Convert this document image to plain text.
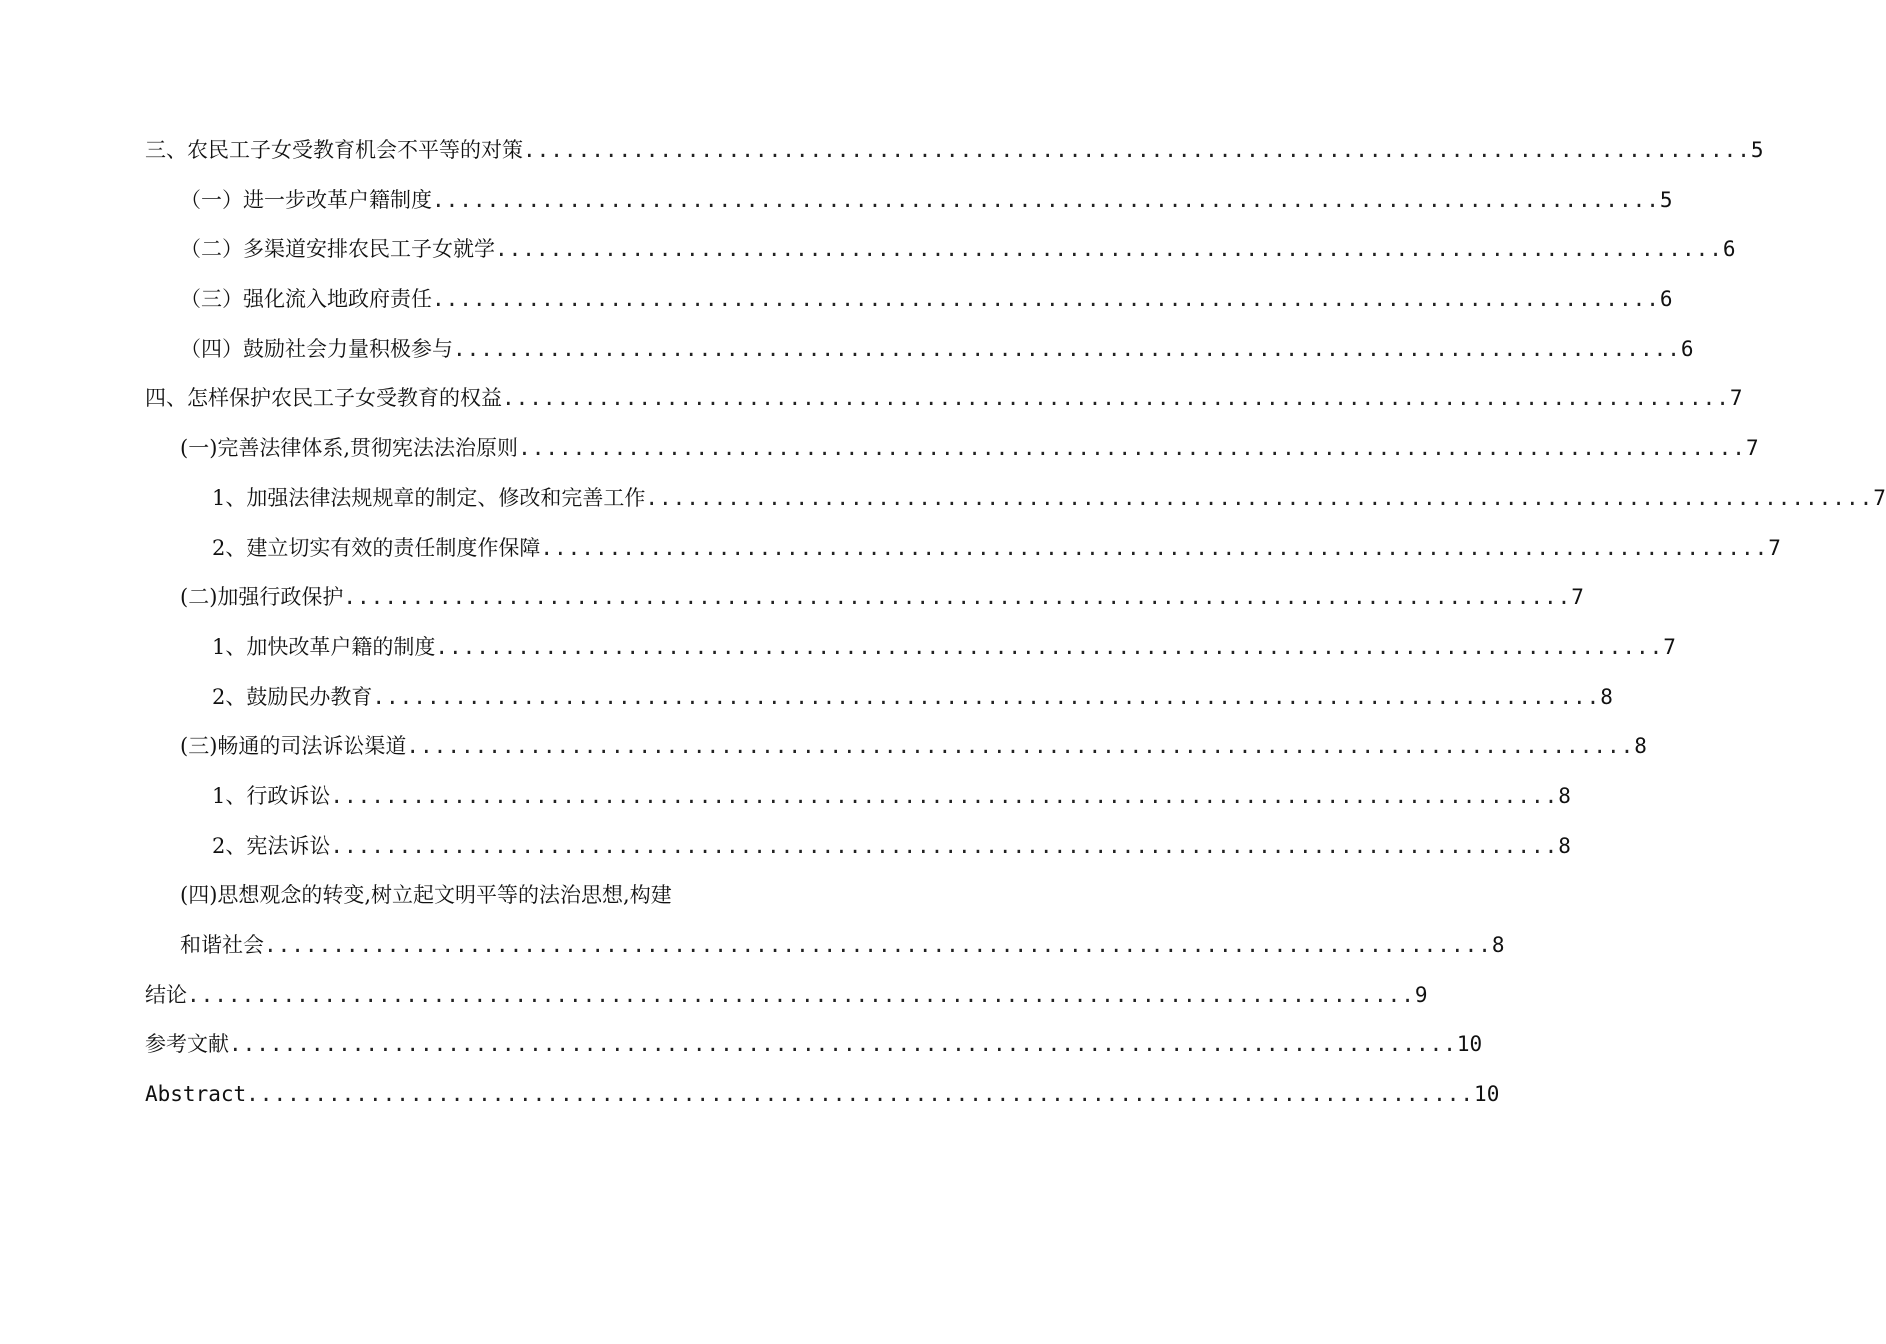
三、农民工子女受教育机会不平等的对策 .......................................................................................... 5
（一） 进一步改革户籍制度 .......................................................................................... 5
（二） 多渠道安排农民工子女就学 .......................................................................................... 6
（三） 强化流入地政府责任 .......................................................................................... 6
（四） 鼓励社会力量积极参与 .......................................................................................... 6
四、怎样保护农民工子女受教育的权益 .......................................................................................... 7
(一)完善法律体系,贯彻宪法法治原则 .......................................................................................... 7
1、加强法律法规规章的制定、修改和完善工作 .......................................................................................... 7
2、建立切实有效的责任制度作保障 .......................................................................................... 7
(二)加强行政保护 .......................................................................................... 7
1、加快改革户籍的制度 .......................................................................................... 7
2、鼓励民办教育 .......................................................................................... 8
(三)畅通的司法诉讼渠道 .......................................................................................... 8
1、行政诉讼 .......................................................................................... 8
2、宪法诉讼 .......................................................................................... 8
(四)思想观念的转变,树立起文明平等的法治思想,构建
和谐社会 .......................................................................................... 8
结论 .......................................................................................... 9
参考文献 .......................................................................................... 10
Abstract .......................................................................................... 10
